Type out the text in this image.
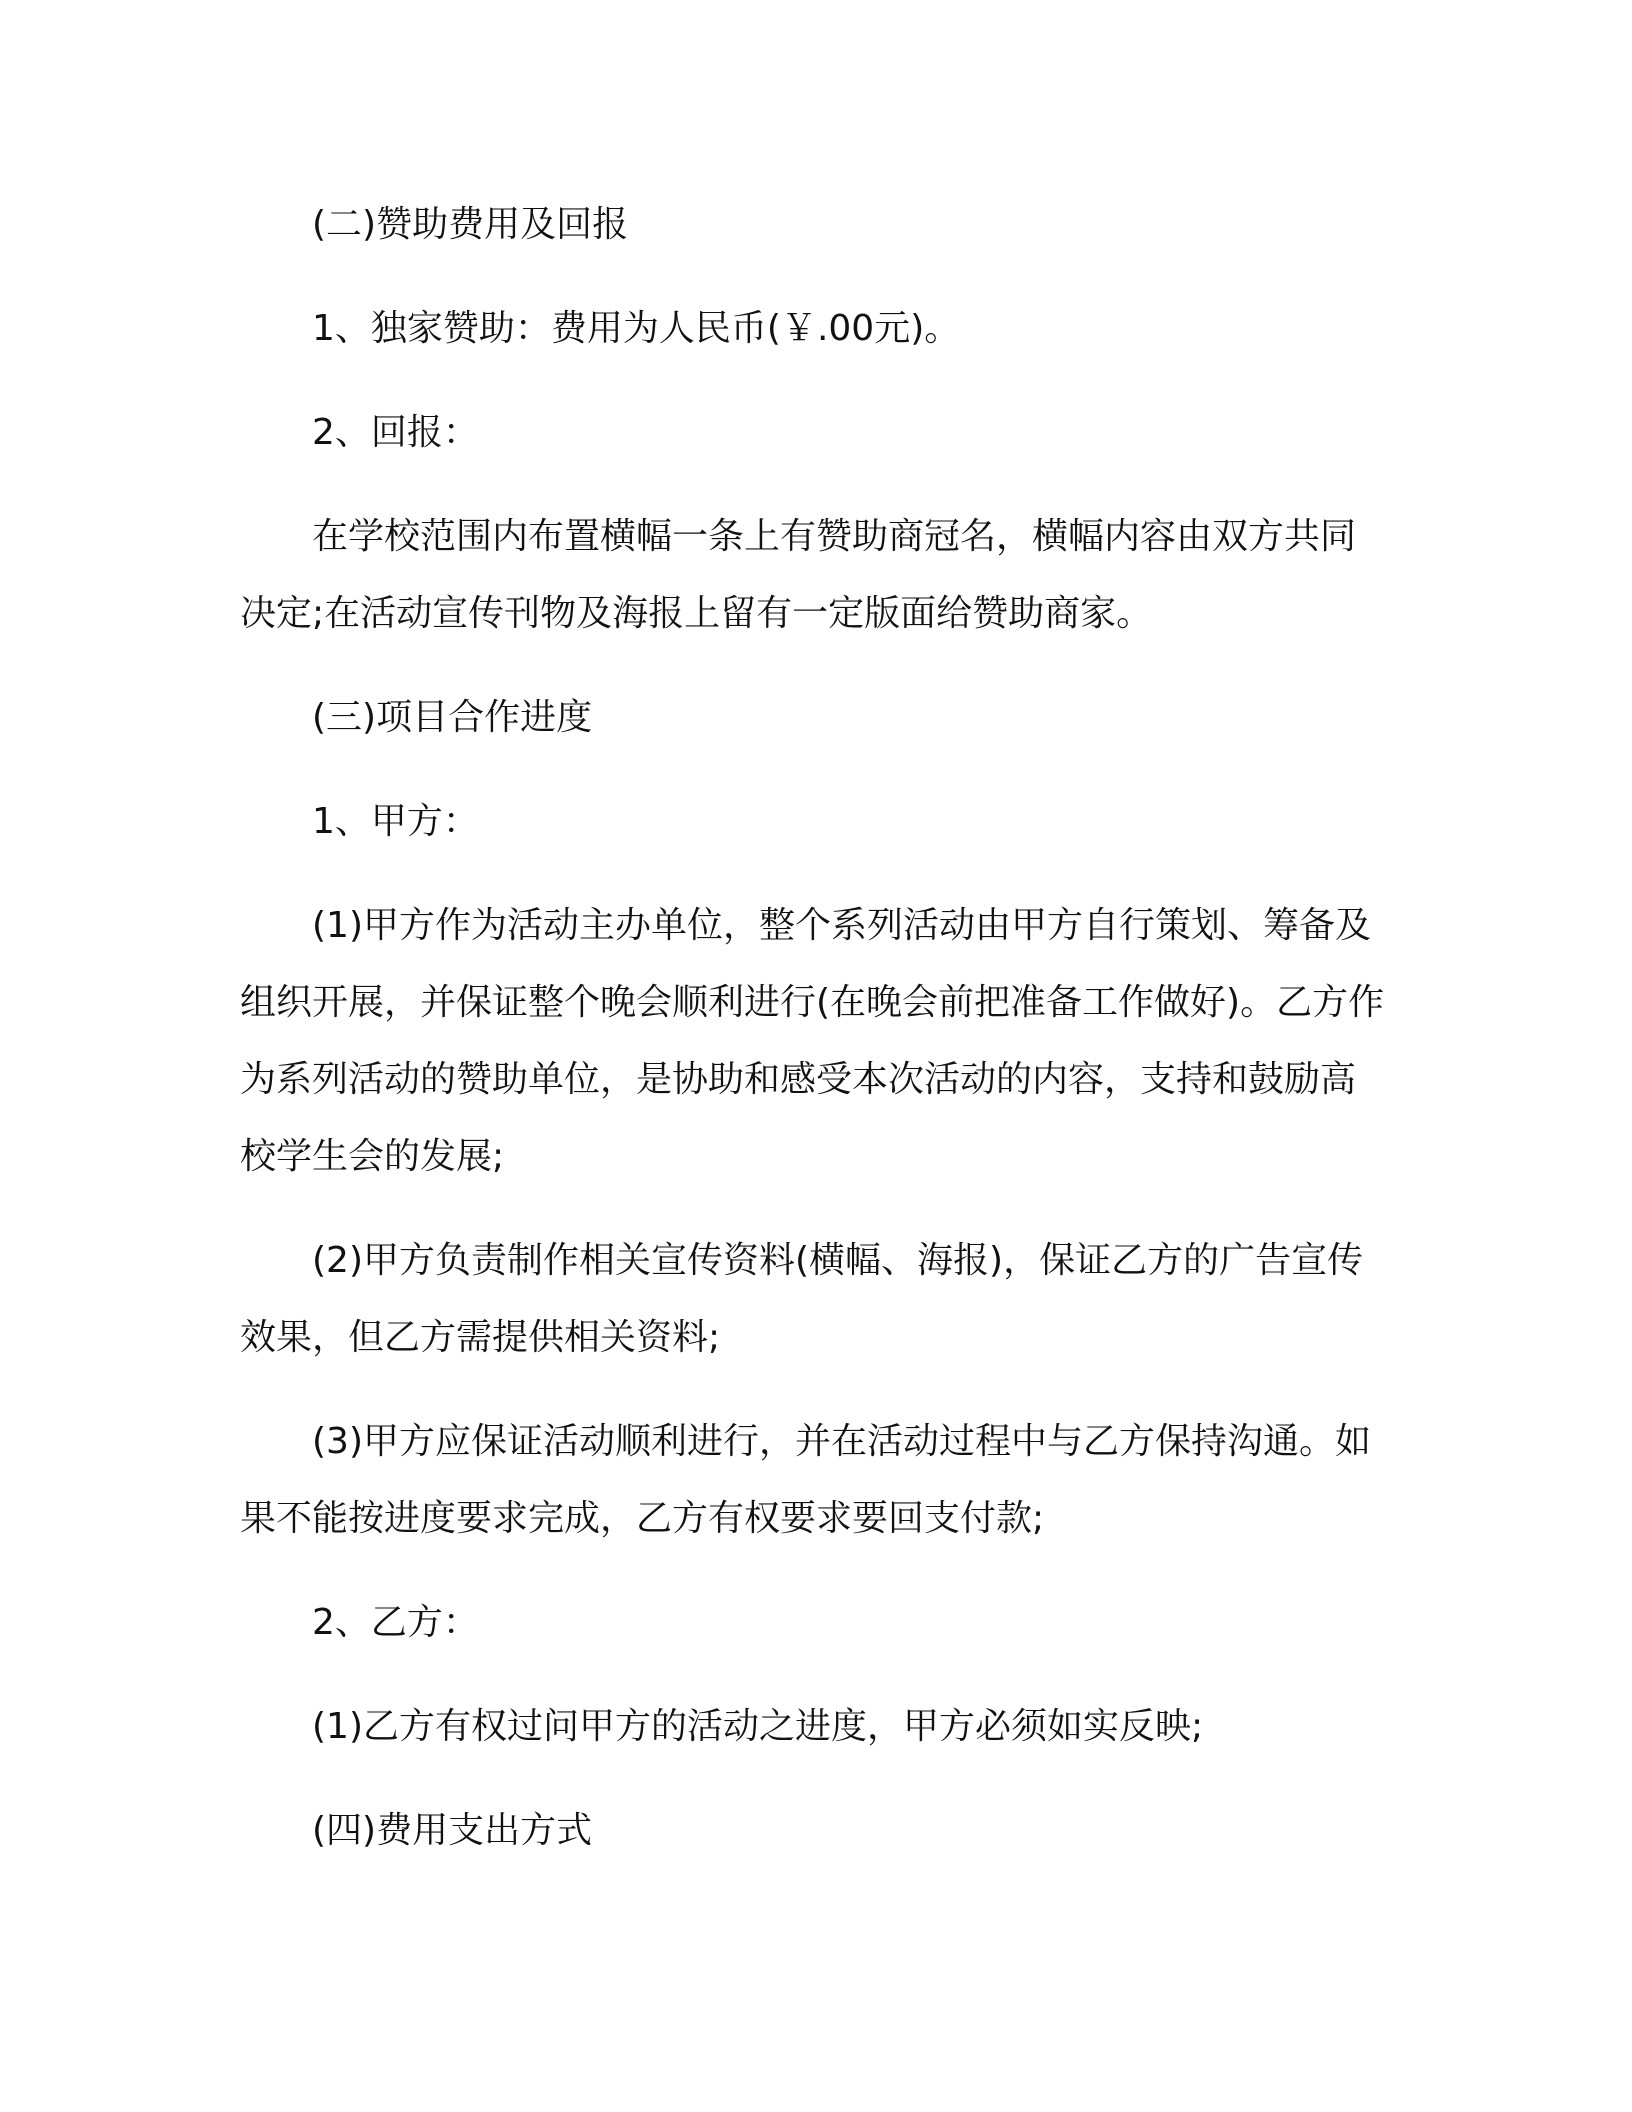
(二)赞助费用及回报

1、独家赞助：费用为人民币(￥.00元)。

2、回报：

在学校范围内布置横幅一条上有赞助商冠名，横幅内容由双方共同决定;在活动宣传刊物及海报上留有一定版面给赞助商家。

(三)项目合作进度

1、甲方：

(1)甲方作为活动主办单位，整个系列活动由甲方自行策划、筹备及组织开展，并保证整个晚会顺利进行(在晚会前把准备工作做好)。乙方作为系列活动的赞助单位，是协助和感受本次活动的内容，支持和鼓励高校学生会的发展;

(2)甲方负责制作相关宣传资料(横幅、海报)，保证乙方的广告宣传效果，但乙方需提供相关资料;

(3)甲方应保证活动顺利进行，并在活动过程中与乙方保持沟通。如果不能按进度要求完成，乙方有权要求要回支付款;

2、乙方：

(1)乙方有权过问甲方的活动之进度，甲方必须如实反映;

(四)费用支出方式
